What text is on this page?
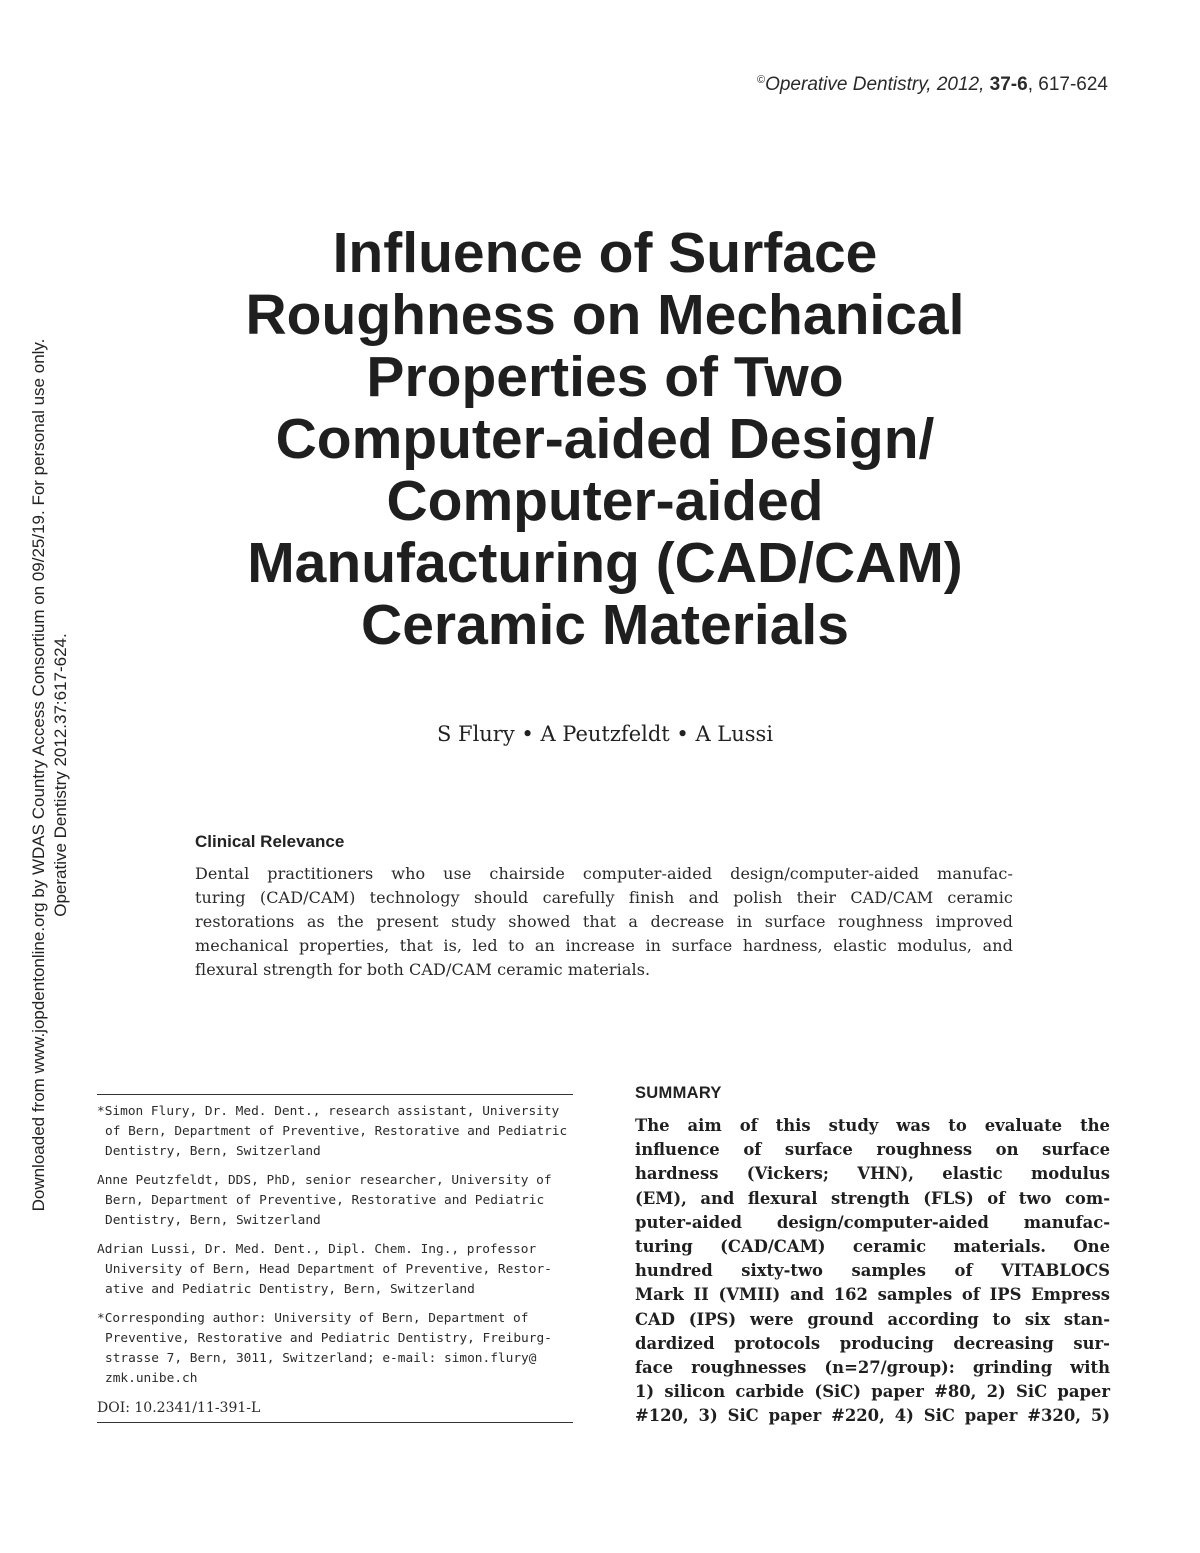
©Operative Dentistry, 2012, 37-6, 617-624
Downloaded from www.jopdentonline.org by WDAS Country Access Consortium on 09/25/19. For personal use only. Operative Dentistry 2012.37:617-624.
Influence of Surface
Roughness on Mechanical
Properties of Two
Computer-aided Design/
Computer-aided
Manufacturing (CAD/CAM)
Ceramic Materials
S Flury • A Peutzfeldt • A Lussi
Clinical Relevance
Dental practitioners who use chairside computer-aided design/computer-aided manufac-
turing (CAD/CAM) technology should carefully finish and polish their CAD/CAM ceramic
restorations as the present study showed that a decrease in surface roughness improved
mechanical properties, that is, led to an increase in surface hardness, elastic modulus, and
flexural strength for both CAD/CAM ceramic materials.
*Simon Flury, Dr. Med. Dent., research assistant, University
of Bern, Department of Preventive, Restorative and Pediatric
Dentistry, Bern, Switzerland
Anne Peutzfeldt, DDS, PhD, senior researcher, University of
Bern, Department of Preventive, Restorative and Pediatric
Dentistry, Bern, Switzerland
Adrian Lussi, Dr. Med. Dent., Dipl. Chem. Ing., professor
University of Bern, Head Department of Preventive, Restor-
ative and Pediatric Dentistry, Bern, Switzerland
*Corresponding author: University of Bern, Department of
Preventive, Restorative and Pediatric Dentistry, Freiburg-
strasse 7, Bern, 3011, Switzerland; e-mail: simon.flury@
zmk.unibe.ch
DOI: 10.2341/11-391-L
SUMMARY
The aim of this study was to evaluate the
influence of surface roughness on surface
hardness (Vickers; VHN), elastic modulus
(EM), and flexural strength (FLS) of two com-
puter-aided design/computer-aided manufac-
turing (CAD/CAM) ceramic materials. One
hundred sixty-two samples of VITABLOCS
Mark II (VMII) and 162 samples of IPS Empress
CAD (IPS) were ground according to six stan-
dardized protocols producing decreasing sur-
face roughnesses (n=27/group): grinding with
1) silicon carbide (SiC) paper #80, 2) SiC paper
#120, 3) SiC paper #220, 4) SiC paper #320, 5)
